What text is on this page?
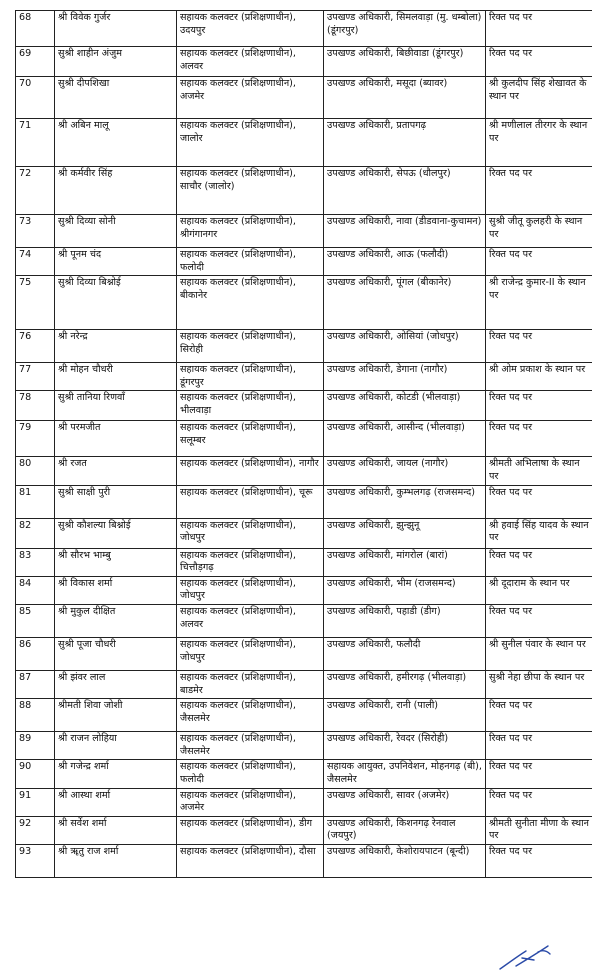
68	श्री विवेक गुर्जर	सहायक कलक्टर (प्रशिक्षणाधीन), उदयपुर	उपखण्ड अधिकारी, सिमलवाड़ा (मु. धम्बोला) (डूंगरपुर)	रिक्त पद पर
69	सुश्री शाहीन अंजुम	सहायक कलक्टर (प्रशिक्षणाधीन), अलवर	उपखण्ड अधिकारी, बिछीवाडा (डूंगरपुर)	रिक्त पद पर
70	सुश्री दीपशिखा	सहायक कलक्टर (प्रशिक्षणाधीन), अजमेर	उपखण्ड अधिकारी, मसूदा (ब्यावर)	श्री कुलदीप सिंह शेखावत के स्थान पर
71	श्री अबिन मालू	सहायक कलक्टर (प्रशिक्षणाधीन), जालोर	उपखण्ड अधिकारी, प्रतापगढ़	श्री मणीलाल तीरगर के स्थान पर
72	श्री कर्मवीर सिंह	सहायक कलक्टर (प्रशिक्षणाधीन), साचौर (जालोर)	उपखण्ड अधिकारी, सेपऊ (धौलपुर)	रिक्त पद पर
73	सुश्री दिव्या सोनी	सहायक कलक्टर (प्रशिक्षणाधीन), श्रीगंगानगर	उपखण्ड अधिकारी, नावा (डीडवाना-कुचामन)	सुश्री जीतू कुलहरी के स्थान पर
74	श्री पूनम चंद	सहायक कलक्टर (प्रशिक्षणाधीन), फलोदी	उपखण्ड अधिकारी, आऊ (फलौदी)	रिक्त पद पर
75	सुश्री दिव्या बिश्नोई	सहायक कलक्टर (प्रशिक्षणाधीन), बीकानेर	उपखण्ड अधिकारी, पूंगल (बीकानेर)	श्री राजेन्द्र कुमार-II के स्थान पर
76	श्री नरेन्द्र	सहायक कलक्टर (प्रशिक्षणाधीन), सिरोही	उपखण्ड अधिकारी, ओसियां (जोधपुर)	रिक्त पद पर
77	श्री मोहन चौधरी	सहायक कलक्टर (प्रशिक्षणाधीन), डूंगरपुर	उपखण्ड अधिकारी, डेगाना (नागौर)	श्री ओम प्रकाश के स्थान पर
78	सुश्री तानिया रिणवाँ	सहायक कलक्टर (प्रशिक्षणाधीन), भीलवाड़ा	उपखण्ड अधिकारी, कोटडी (भीलवाड़ा)	रिक्त पद पर
79	श्री परमजीत	सहायक कलक्टर (प्रशिक्षणाधीन), सलूम्बर	उपखण्ड अधिकारी, आसीन्द (भीलवाड़ा)	रिक्त पद पर
80	श्री रजत	सहायक कलक्टर (प्रशिक्षणाधीन), नागौर	उपखण्ड अधिकारी, जायल (नागौर)	श्रीमती अभिलाषा के स्थान पर
81	सुश्री साक्षी पुरी	सहायक कलक्टर (प्रशिक्षणाधीन), चूरू	उपखण्ड अधिकारी, कुम्भलगढ़ (राजसमन्द)	रिक्त पद पर
82	सुश्री कौशल्या बिश्नोई	सहायक कलक्टर (प्रशिक्षणाधीन), जोधपुर	उपखण्ड अधिकारी, झुन्झुनू	श्री हवाई सिंह यादव के स्थान पर
83	श्री सौरभ भाम्बु	सहायक कलक्टर (प्रशिक्षणाधीन), चित्तौड़गढ़	उपखण्ड अधिकारी, मांगरोल (बारां)	रिक्त पद पर
84	श्री विकास शर्मा	सहायक कलक्टर (प्रशिक्षणाधीन), जोधपुर	उपखण्ड अधिकारी, भीम (राजसमन्द)	श्री दूदाराम के स्थान पर
85	श्री मुकुल दीक्षित	सहायक कलक्टर (प्रशिक्षणाधीन), अलवर	उपखण्ड अधिकारी, पहाडी (डीग)	रिक्त पद पर
86	सुश्री पूजा चौधरी	सहायक कलक्टर (प्रशिक्षणाधीन), जोधपुर	उपखण्ड अधिकारी, फलौदी	श्री सुनील पंवार के स्थान पर
87	श्री झंवर लाल	सहायक कलक्टर (प्रशिक्षणाधीन), बाडमेर	उपखण्ड अधिकारी, हमीरगढ़ (भीलवाड़ा)	सुश्री नेहा छीपा के स्थान पर
88	श्रीमती शिवा जोशी	सहायक कलक्टर (प्रशिक्षणाधीन), जैसलमेर	उपखण्ड अधिकारी, रानी (पाली)	रिक्त पद पर
89	श्री राजन लोहिया	सहायक कलक्टर (प्रशिक्षणाधीन), जैसलमेर	उपखण्ड अधिकारी, रेवदर (सिरोही)	रिक्त पद पर
90	श्री गजेन्द्र शर्मा	सहायक कलक्टर (प्रशिक्षणाधीन), फलोदी	सहायक आयुक्त, उपनिवेशन, मोहनगढ़ (बी), जैसलमेर	रिक्त पद पर
91	श्री आस्था शर्मा	सहायक कलक्टर (प्रशिक्षणाधीन), अजमेर	उपखण्ड अधिकारी, सावर (अजमेर)	रिक्त पद पर
92	श्री सर्वेश शर्मा	सहायक कलक्टर (प्रशिक्षणाधीन), डीग	उपखण्ड अधिकारी, किशनगढ़ रेनवाल (जयपुर)	श्रीमती सुनीता मीणा के स्थान पर
93	श्री ॠतु राज शर्मा	सहायक कलक्टर (प्रशिक्षणाधीन), दौसा	उपखण्ड अधिकारी, केशोरायपाटन (बून्दी)	रिक्त पद पर
